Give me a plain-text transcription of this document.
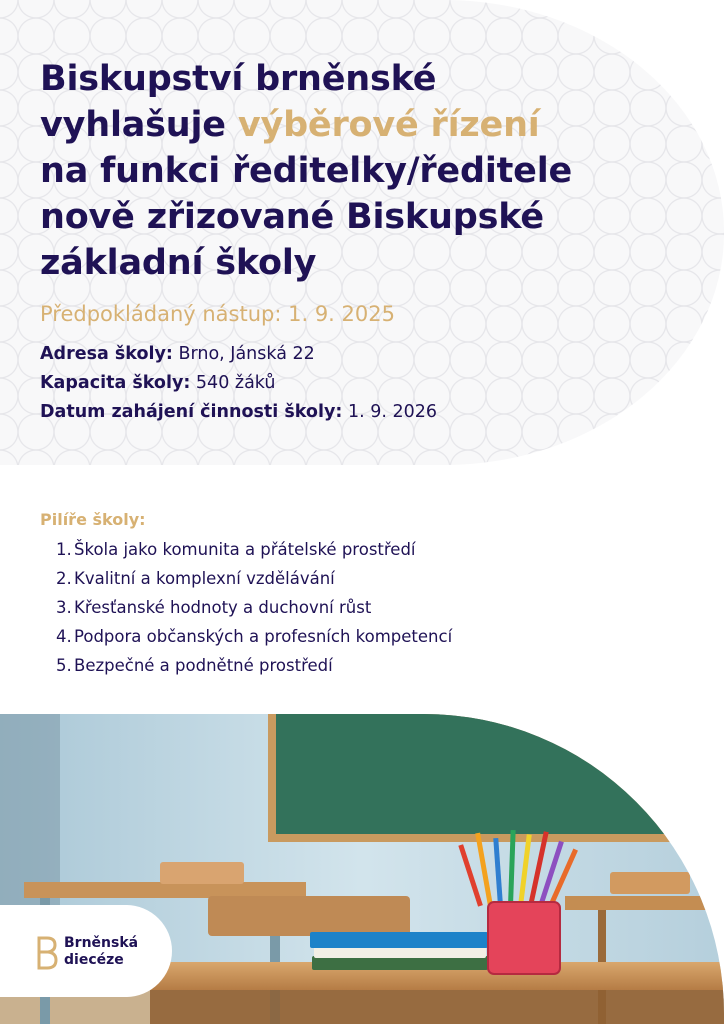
Biskupství brněnské
vyhlašuje výběrové řízení
na funkci ředitelky/ředitele
nově zřizované Biskupské
základní školy

Předpokládaný nástup: 1. 9. 2025

Adresa školy: Brno, Jánská 22
Kapacita školy: 540 žáků
Datum zahájení činnosti školy: 1. 9. 2026
Pilíře školy:
1. Škola jako komunita a přátelské prostředí
2. Kvalitní a komplexní vzdělávání
3. Křesťanské hodnoty a duchovní růst
4. Podpora občanských a profesních kompetencí
5. Bezpečné a podnětné prostředí
Brněnská
diecéze
